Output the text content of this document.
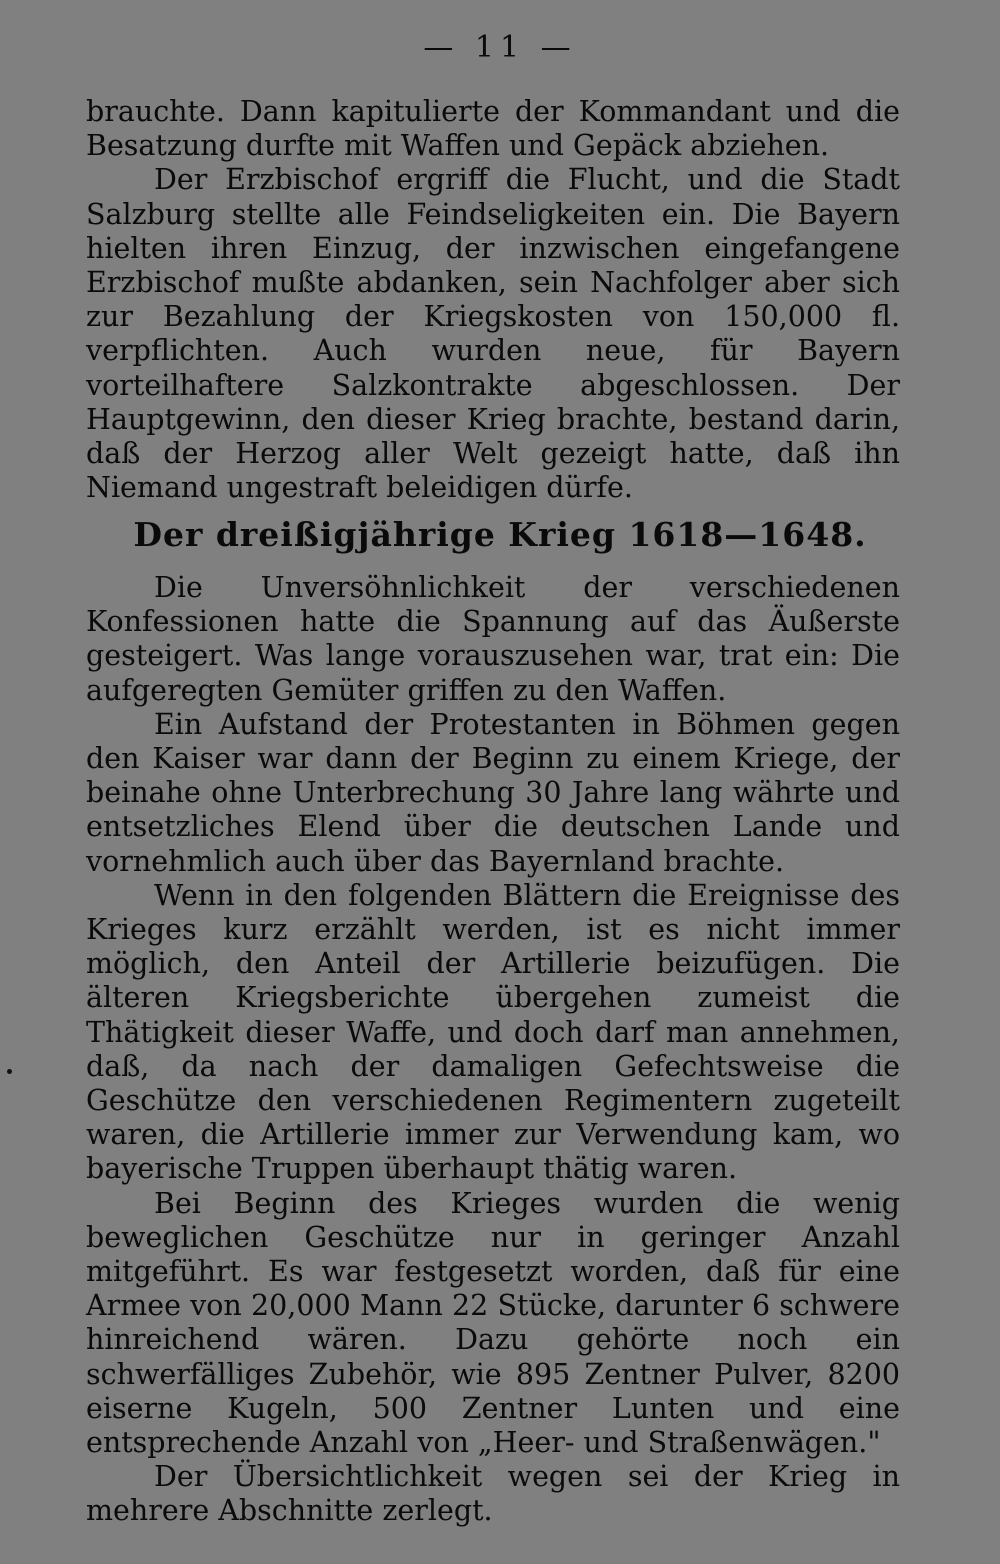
— 11 —

brauchte. Dann kapitulierte der Kommandant und die Besatzung durfte mit Waffen und Gepäck abziehen.

Der Erzbischof ergriff die Flucht, und die Stadt Salzburg stellte alle Feindseligkeiten ein. Die Bayern hielten ihren Einzug, der inzwischen eingefangene Erzbischof mußte abdanken, sein Nachfolger aber sich zur Bezahlung der Kriegskosten von 150,000 fl. verpflichten. Auch wurden neue, für Bayern vorteilhaftere Salzkontrakte abgeschlossen. Der Hauptgewinn, den dieser Krieg brachte, bestand darin, daß der Herzog aller Welt gezeigt hatte, daß ihn Niemand ungestraft beleidigen dürfe.

Der dreißigjährige Krieg 1618—1648.

Die Unversöhnlichkeit der verschiedenen Konfessionen hatte die Spannung auf das Äußerste gesteigert. Was lange vorauszusehen war, trat ein: Die aufgeregten Gemüter griffen zu den Waffen.

Ein Aufstand der Protestanten in Böhmen gegen den Kaiser war dann der Beginn zu einem Kriege, der beinahe ohne Unterbrechung 30 Jahre lang währte und entsetzliches Elend über die deutschen Lande und vornehmlich auch über das Bayernland brachte.

Wenn in den folgenden Blättern die Ereignisse des Krieges kurz erzählt werden, ist es nicht immer möglich, den Anteil der Artillerie beizufügen. Die älteren Kriegsberichte übergehen zumeist die Thätigkeit dieser Waffe, und doch darf man annehmen, daß, da nach der damaligen Gefechtsweise die Geschütze den verschiedenen Regimentern zugeteilt waren, die Artillerie immer zur Verwendung kam, wo bayerische Truppen überhaupt thätig waren.

Bei Beginn des Krieges wurden die wenig beweglichen Geschütze nur in geringer Anzahl mitgeführt. Es war festgesetzt worden, daß für eine Armee von 20,000 Mann 22 Stücke, darunter 6 schwere hinreichend wären. Dazu gehörte noch ein schwerfälliges Zubehör, wie 895 Zentner Pulver, 8200 eiserne Kugeln, 500 Zentner Lunten und eine entsprechende Anzahl von „Heer- und Straßenwägen."

Der Übersichtlichkeit wegen sei der Krieg in mehrere Abschnitte zerlegt.
